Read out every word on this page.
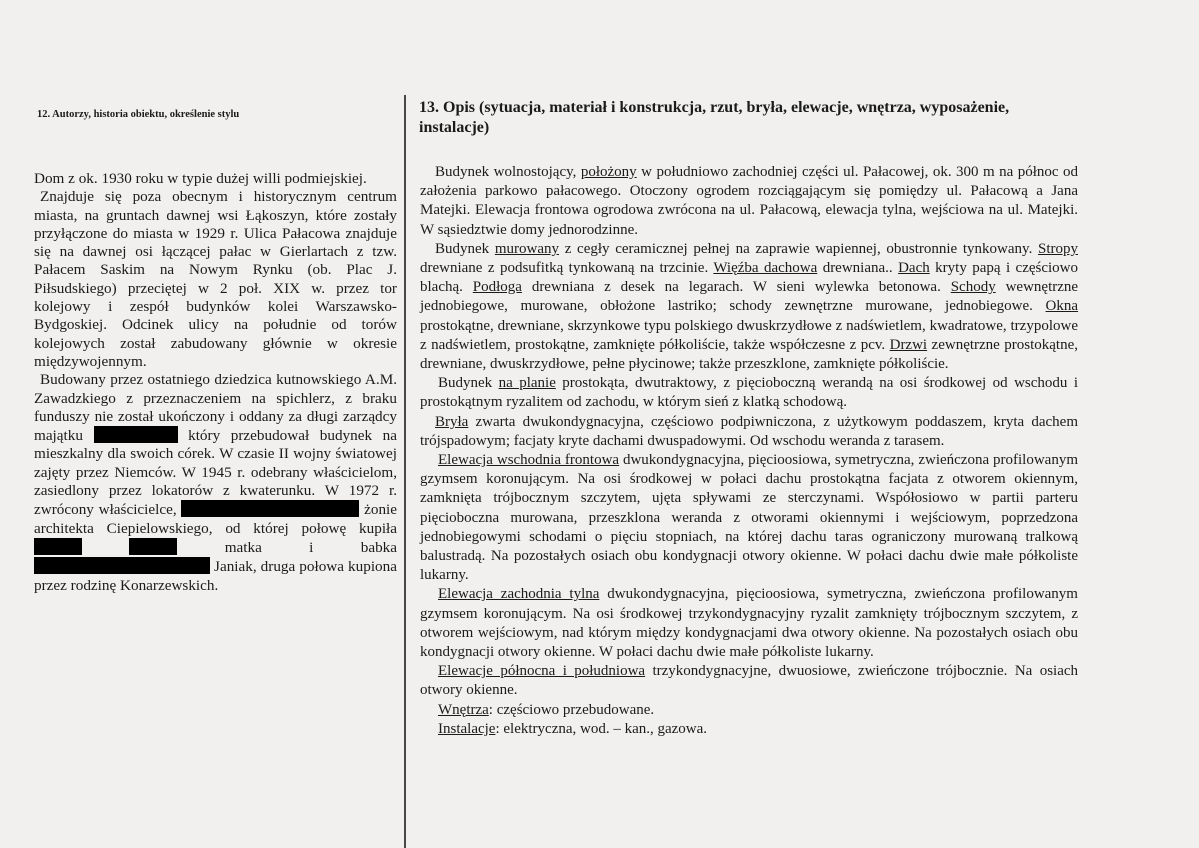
12. Autorzy, historia obiektu, określenie stylu

Dom z ok. 1930 roku w typie dużej willi podmiejskiej.

Znajduje się poza obecnym i historycznym centrum miasta, na gruntach dawnej wsi Łąkoszyn, które zostały przyłączone do miasta w 1929 r. Ulica Pałacowa znajduje się na dawnej osi łączącej pałac w Gierlartach z tzw. Pałacem Saskim na Nowym Rynku (ob. Plac J. Piłsudskiego) przeciętej w 2 poł. XIX w. przez tor kolejowy i zespół budynków kolei Warszawsko-Bydgoskiej. Odcinek ulicy na południe od torów kolejowych został zabudowany głównie w okresie międzywojennym.

Budowany przez ostatniego dziedzica kutnowskiego A.M. Zawadzkiego z przeznaczeniem na spichlerz, z braku funduszy nie został ukończony i oddany za długi zarządcy majątku	który przebudował budynek na mieszkalny dla swoich córek. W czasie II wojny światowej zajęty przez Niemców. W 1945 r. odebrany właścicielom, zasiedlony przez lokatorów z kwaterunku. W 1972 r. zwrócony właścicielce,	żonie architekta Ciepielowskiego, od której połowę kupiła   matka i babka  Janiak, druga połowa kupiona przez rodzinę Konarzewskich.

13. Opis (sytuacja, materiał i konstrukcja, rzut, bryła, elewacje, wnętrza, wyposażenie, instalacje)

Budynek wolnostojący, położony w południowo zachodniej części ul. Pałacowej, ok. 300 m na północ od założenia parkowo pałacowego. Otoczony ogrodem rozciągającym się pomiędzy ul. Pałacową a Jana Matejki. Elewacja frontowa ogrodowa zwrócona na ul. Pałacową, elewacja tylna, wejściowa na ul. Matejki. W sąsiedztwie domy jednorodzinne.

Budynek murowany z cegły ceramicznej pełnej na zaprawie wapiennej, obustronnie tynkowany. Stropy drewniane z podsufitką tynkowaną na trzcinie. Więźba dachowa drewniana.. Dach kryty papą i częściowo blachą. Podłoga drewniana z desek na legarach. W sieni wylewka betonowa. Schody wewnętrzne jednobiegowe, murowane, obłożone lastriko; schody zewnętrzne murowane, jednobiegowe. Okna prostokątne, drewniane, skrzynkowe typu polskiego dwuskrzydłowe z nadświetlem, kwadratowe, trzypolowe z nadświetlem, prostokątne, zamknięte półkoliście, także współczesne z pcv. Drzwi zewnętrzne prostokątne, drewniane, dwuskrzydłowe, pełne płycinowe; także przeszklone, zamknięte półkoliście.

Budynek na planie prostokąta, dwutraktowy, z pięcioboczną werandą na osi środkowej od wschodu i prostokątnym ryzalitem od zachodu, w którym sień z klatką schodową.

Bryła zwarta dwukondygnacyjna, częściowo podpiwniczona, z użytkowym poddaszem, kryta dachem trójspadowym; facjaty kryte dachami dwuspadowymi. Od wschodu weranda z tarasem.

Elewacja wschodnia frontowa dwukondygnacyjna, pięcioosiowa, symetryczna, zwieńczona profilowanym gzymsem koronującym. Na osi środkowej w połaci dachu prostokątna facjata z otworem okiennym, zamknięta trójbocznym szczytem, ujęta spływami ze sterczynami. Współosiowo w partii parteru pięcioboczna murowana, przeszklona weranda z otworami okiennymi i wejściowym, poprzedzona jednobiegowymi schodami o pięciu stopniach, na której dachu taras ograniczony murowaną tralkową balustradą. Na pozostałych osiach obu kondygnacji otwory okienne. W połaci dachu dwie małe półkoliste lukarny.

Elewacja zachodnia tylna dwukondygnacyjna, pięcioosiowa, symetryczna, zwieńczona profilowanym gzymsem koronującym. Na osi środkowej trzykondygnacyjny ryzalit zamknięty trójbocznym szczytem, z otworem wejściowym, nad którym między kondygnacjami dwa otwory okienne. Na pozostałych osiach obu kondygnacji otwory okienne. W połaci dachu dwie małe półkoliste lukarny.

Elewacje północna i południowa trzykondygnacyjne, dwuosiowe, zwieńczone trójbocznie. Na osiach otwory okienne.

Wnętrza: częściowo przebudowane.

Instalacje: elektryczna, wod. – kan., gazowa.
